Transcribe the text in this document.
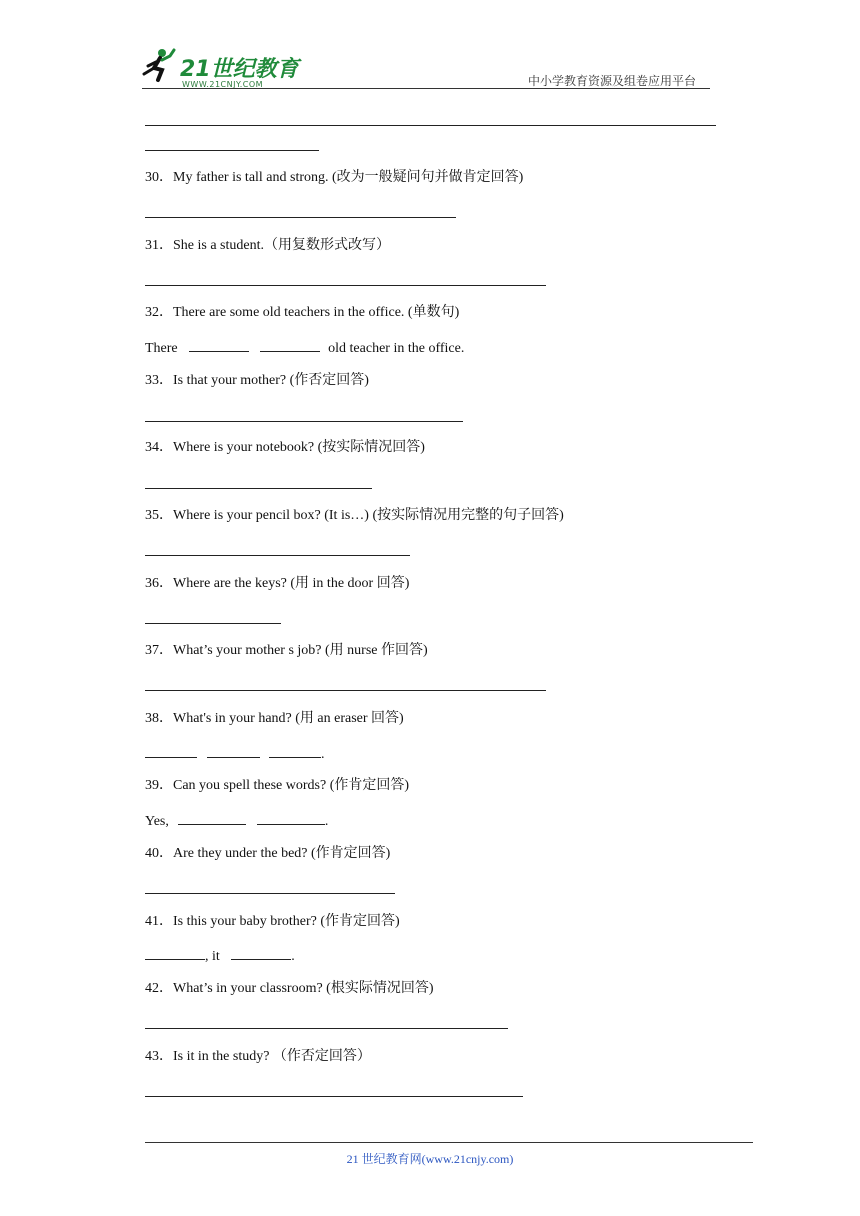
21世纪教育
WWW.21CNJY.COM	中小学教育资源及组卷应用平台
30．My father is tall and strong. (改为一般疑问句并做肯定回答)
31．She is a student.（用复数形式改写）
32．There are some old teachers in the office. (单数句)
There	old teacher in the office.
33．Is that your mother? (作否定回答)
34．Where is your notebook? (按实际情况回答)
35．Where is your pencil box? (It is…) (按实际情况用完整的句子回答)
36．Where are the keys? (用 in the door 回答)
37．What’s your mother s job? (用 nurse 作回答)
38．What's in your hand? (用 an eraser 回答)
.
39．Can you spell these words? (作肯定回答)
Yes,	.
40．Are they under the bed? (作肯定回答)
41．Is this your baby brother? (作肯定回答)
, it	.
42．What’s in your classroom? (根实际情况回答)
43．Is it in the study? （作否定回答）
21 世纪教育网(www.21cnjy.com)
